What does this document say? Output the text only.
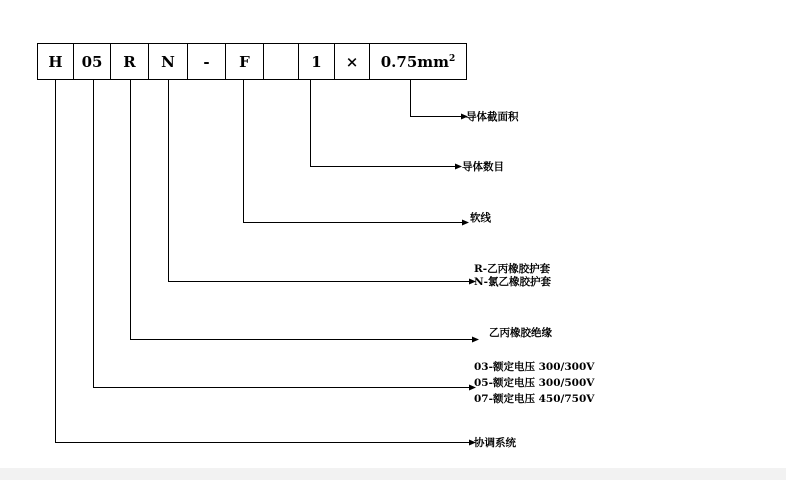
H	05	R	N	-	F		1	×	$0.75mm^2$
导体截面积
导体数目
软线
R-乙丙橡胶护套
N-氯乙橡胶护套
乙丙橡胶绝缘
03-额定电压 300/300V
05-额定电压 300/500V
07-额定电压 450/750V
协调系统
